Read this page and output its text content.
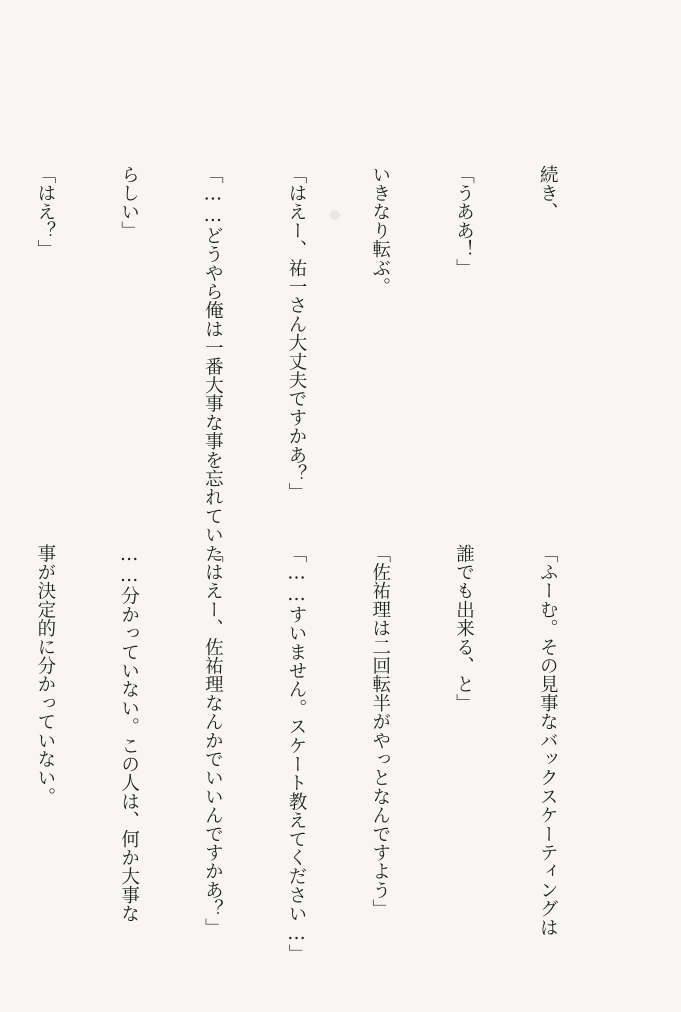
続き、

「うああ！」

いきなり転ぶ。

「はえー、祐一さん大丈夫ですかあ？」

「……どうやら俺は一番大事な事を忘れていた

らしい」

「はえ？」

「ふーむ。その見事なバックスケーティングは

誰でも出来る、と」

「佐祐理は二回転半がやっとなんですよう」

「……すいません。スケート教えてください…」

「はえー、佐祐理なんかでいいんですかあ？」

……分かっていない。この人は、何か大事な

事が決定的に分かっていない。
